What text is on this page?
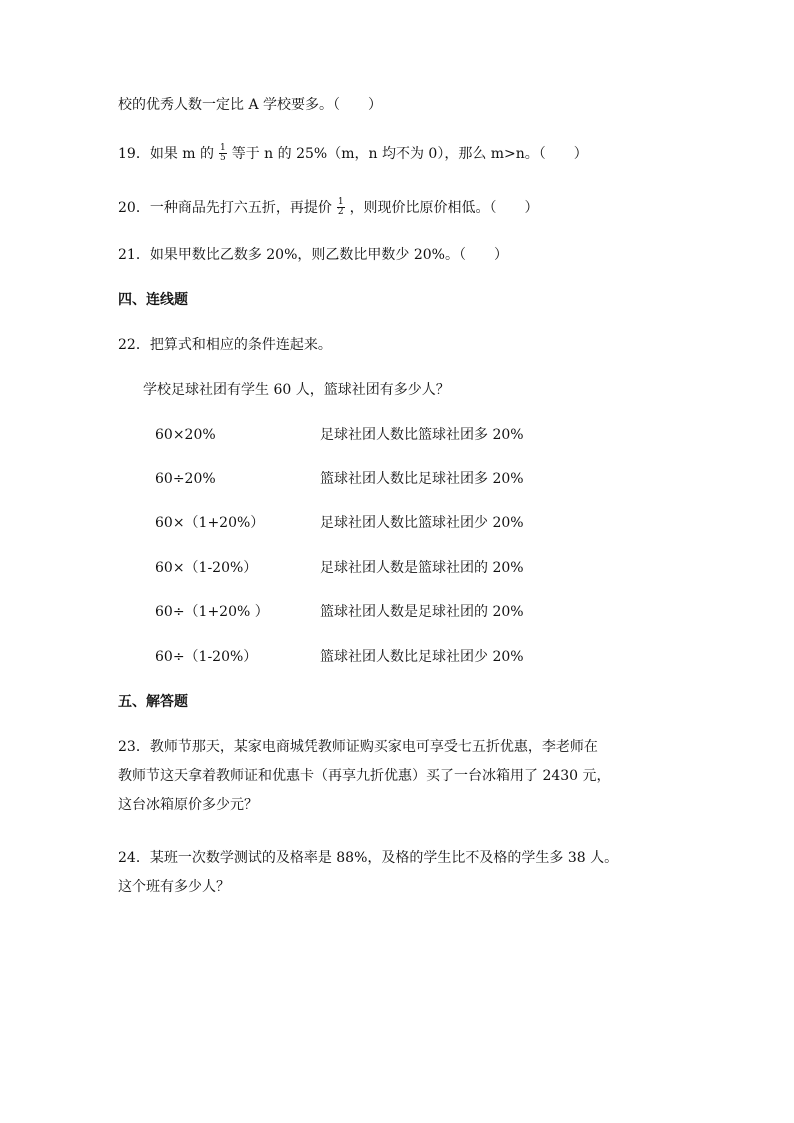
校的优秀人数一定比 A 学校要多。（　　）
19．如果 m 的 $\frac{1}{5}$ 等于 n 的 25%（m，n 均不为 0），那么 m>n。（　　）
20．一种商品先打六五折，再提价 $\frac{1}{2}$ ，则现价比原价相低。（　　）
21．如果甲数比乙数多 20%，则乙数比甲数少 20%。（　　）
四、连线题
22．把算式和相应的条件连起来。
学校足球社团有学生 60 人，篮球社团有多少人？
60×20%	足球社团人数比篮球社团多 20%
60÷20%	篮球社团人数比足球社团多 20%
60×（1+20%）	足球社团人数比篮球社团少 20%
60×（1-20%）	足球社团人数是篮球社团的 20%
60÷（1+20% ）	篮球社团人数是足球社团的 20%
60÷（1-20%）	篮球社团人数比足球社团少 20%
五、解答题
23．教师节那天，某家电商城凭教师证购买家电可享受七五折优惠，李老师在
教师节这天拿着教师证和优惠卡（再享九折优惠）买了一台冰箱用了 2430 元，
这台冰箱原价多少元？
24．某班一次数学测试的及格率是 88%，及格的学生比不及格的学生多 38 人。
这个班有多少人？
